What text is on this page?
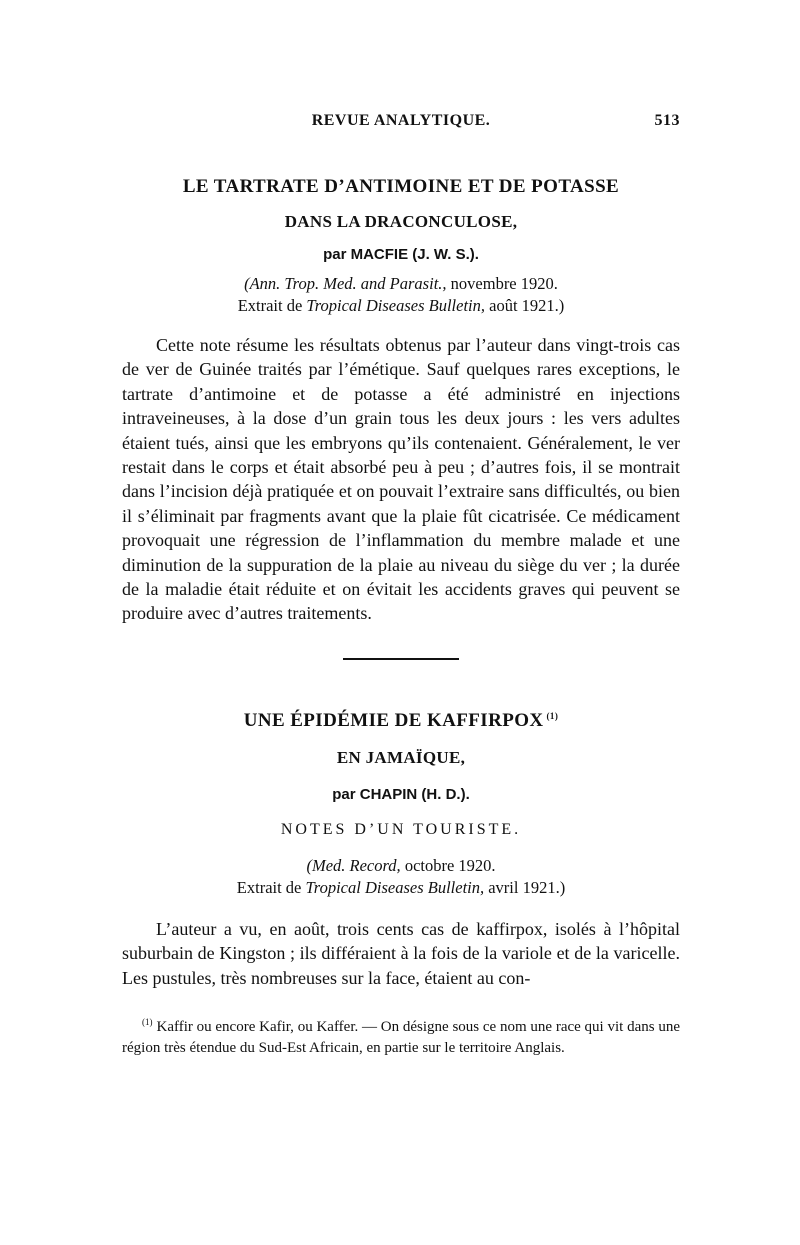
REVUE ANALYTIQUE.	513

LE TARTRATE D’ANTIMOINE ET DE POTASSE

DANS LA DRACONCULOSE,

par MACFIE (J. W. S.).

(Ann. Trop. Med. and Parasit., novembre 1920.

Extrait de Tropical Diseases Bulletin, août 1921.)

Cette note résume les résultats obtenus par l’auteur dans vingt-trois cas de ver de Guinée traités par l’émétique. Sauf quelques rares exceptions, le tartrate d’antimoine et de potasse a été administré en injections intraveineuses, à la dose d’un grain tous les deux jours : les vers adultes étaient tués, ainsi que les embryons qu’ils contenaient. Généralement, le ver restait dans le corps et était absorbé peu à peu ; d’autres fois, il se montrait dans l’incision déjà pratiquée et on pouvait l’extraire sans difficultés, ou bien il s’éliminait par fragments avant que la plaie fût cicatrisée. Ce médicament provoquait une régression de l’inflammation du membre malade et une diminution de la suppuration de la plaie au niveau du siège du ver ; la durée de la maladie était réduite et on évitait les accidents graves qui peuvent se produire avec d’autres traitements.

UNE ÉPIDÉMIE DE KAFFIRPOX $^{(1)}$

EN JAMAÏQUE,

par CHAPIN (H. D.).

NOTES D’UN TOURISTE.

(Med. Record, octobre 1920.

Extrait de Tropical Diseases Bulletin, avril 1921.)

L’auteur a vu, en août, trois cents cas de kaffirpox, isolés à l’hôpital suburbain de Kingston ; ils différaient à la fois de la variole et de la varicelle. Les pustules, très nombreuses sur la face, étaient au con-

$^{(1)}$ Kaffir ou encore Kafir, ou Kaffer. — On désigne sous ce nom une race qui vit dans une région très étendue du Sud-Est Africain, en partie sur le territoire Anglais.
